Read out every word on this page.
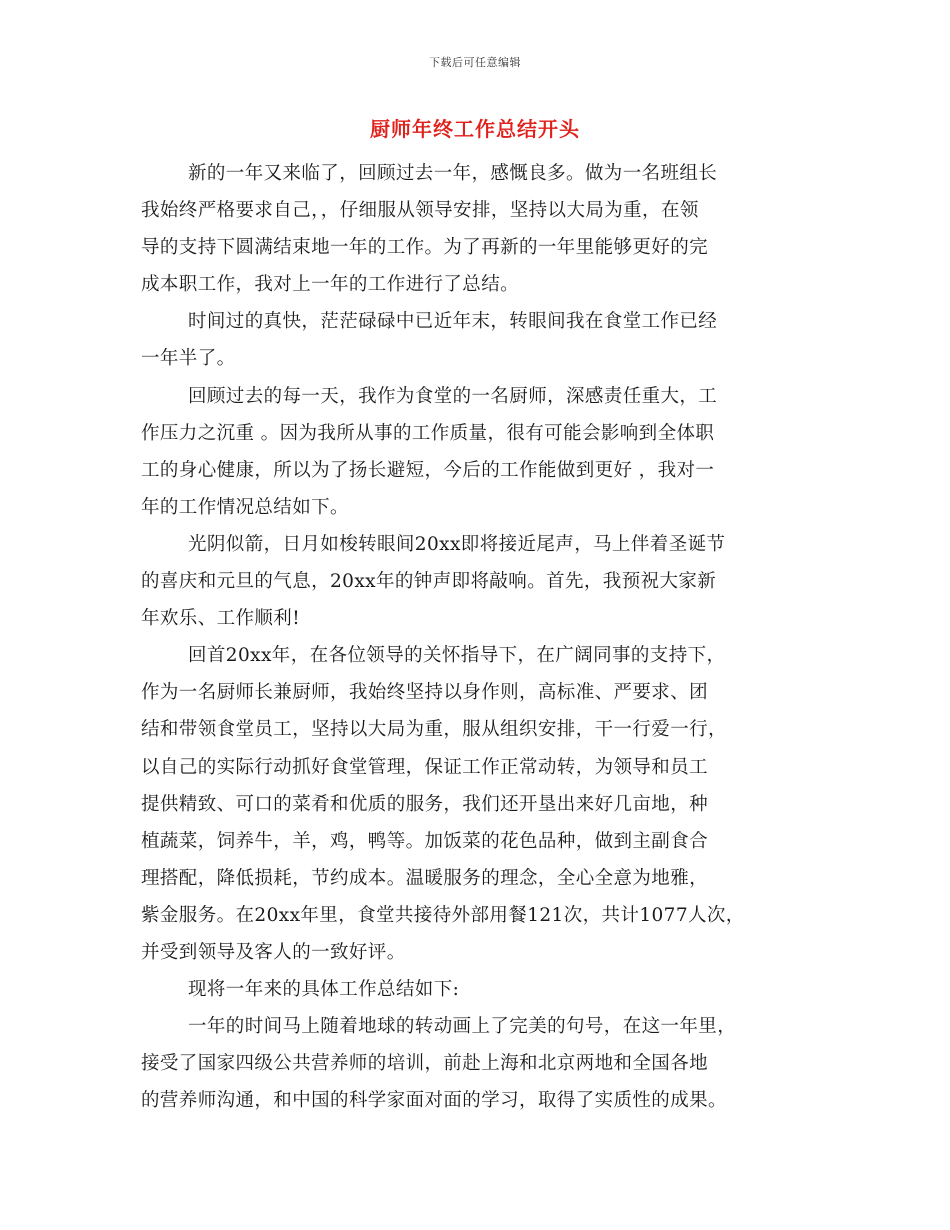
下载后可任意编辑
厨师年终工作总结开头
新的一年又来临了，回顾过去一年，感慨良多。做为一名班组长
我始终严格要求自己，，仔细服从领导安排，坚持以大局为重，在领
导的支持下圆满结束地一年的工作。为了再新的一年里能够更好的完
成本职工作，我对上一年的工作进行了总结。
时间过的真快，茫茫碌碌中已近年末，转眼间我在食堂工作已经
一年半了。
回顾过去的每一天，我作为食堂的一名厨师，深感责任重大，工
作压力之沉重 。因为我所从事的工作质量，很有可能会影响到全体职
工的身心健康，所以为了扬长避短，今后的工作能做到更好 ，我对一
年的工作情况总结如下。
光阴似箭，日月如梭转眼间20xx即将接近尾声，马上伴着圣诞节
的喜庆和元旦的气息，20xx年的钟声即将敲响。首先，我预祝大家新
年欢乐、工作顺利!
回首20xx年，在各位领导的关怀指导下，在广阔同事的支持下，
作为一名厨师长兼厨师，我始终坚持以身作则，高标准、严要求、团
结和带领食堂员工，坚持以大局为重，服从组织安排，干一行爱一行，
以自己的实际行动抓好食堂管理，保证工作正常动转，为领导和员工
提供精致、可口的菜肴和优质的服务，我们还开垦出来好几亩地，种
植蔬菜，饲养牛，羊，鸡，鸭等。加饭菜的花色品种，做到主副食合
理搭配，降低损耗，节约成本。温暖服务的理念，全心全意为地雅，
紫金服务。在20xx年里，食堂共接待外部用餐121次，共计1077人次，
并受到领导及客人的一致好评。
现将一年来的具体工作总结如下:
一年的时间马上随着地球的转动画上了完美的句号，在这一年里，
接受了国家四级公共营养师的培训，前赴上海和北京两地和全国各地
的营养师沟通，和中国的科学家面对面的学习，取得了实质性的成果。
